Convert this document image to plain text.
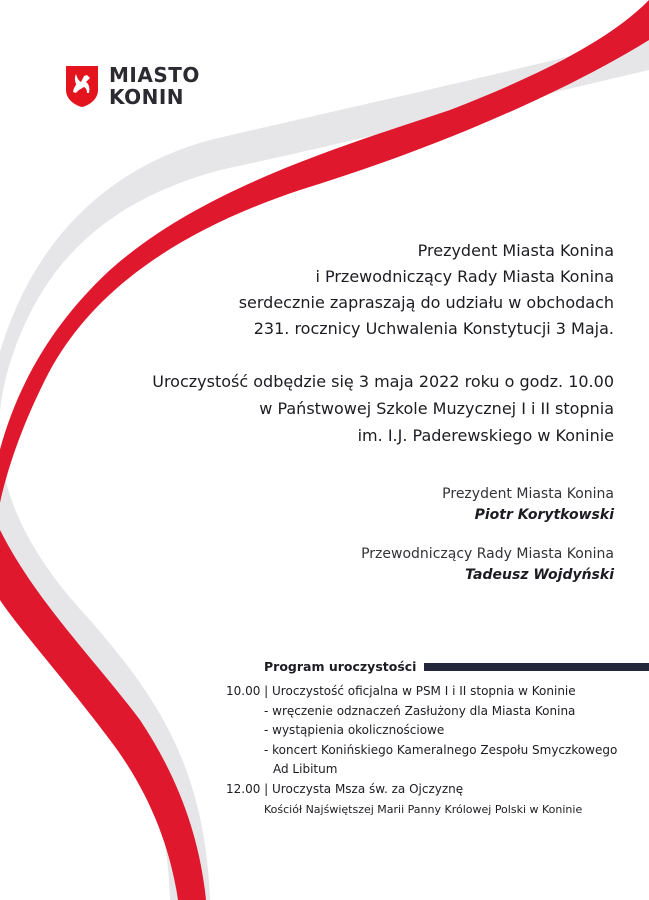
MIASTO
KONIN

Prezydent Miasta Konina

i Przewodniczący Rady Miasta Konina

serdecznie zapraszają do udziału w obchodach

231. rocznicy Uchwalenia Konstytucji 3 Maja.

Uroczystość odbędzie się 3 maja 2022 roku o godz. 10.00

w Państwowej Szkole Muzycznej I i II stopnia

im. I.J. Paderewskiego w Koninie

Prezydent Miasta Konina
Piotr Korytkowski
Przewodniczący Rady Miasta Konina
Tadeusz Wojdyński
Program uroczystości
10.00 | Uroczystość oficjalna w PSM I i II stopnia w Koninie
- wręczenie odznaczeń Zasłużony dla Miasta Konina
- wystąpienia okolicznościowe
- koncert Konińskiego Kameralnego Zespołu Smyczkowego
Ad Libitum
12.00 | Uroczysta Msza św. za Ojczyznę
Kościół Najświętszej Marii Panny Królowej Polski w Koninie
